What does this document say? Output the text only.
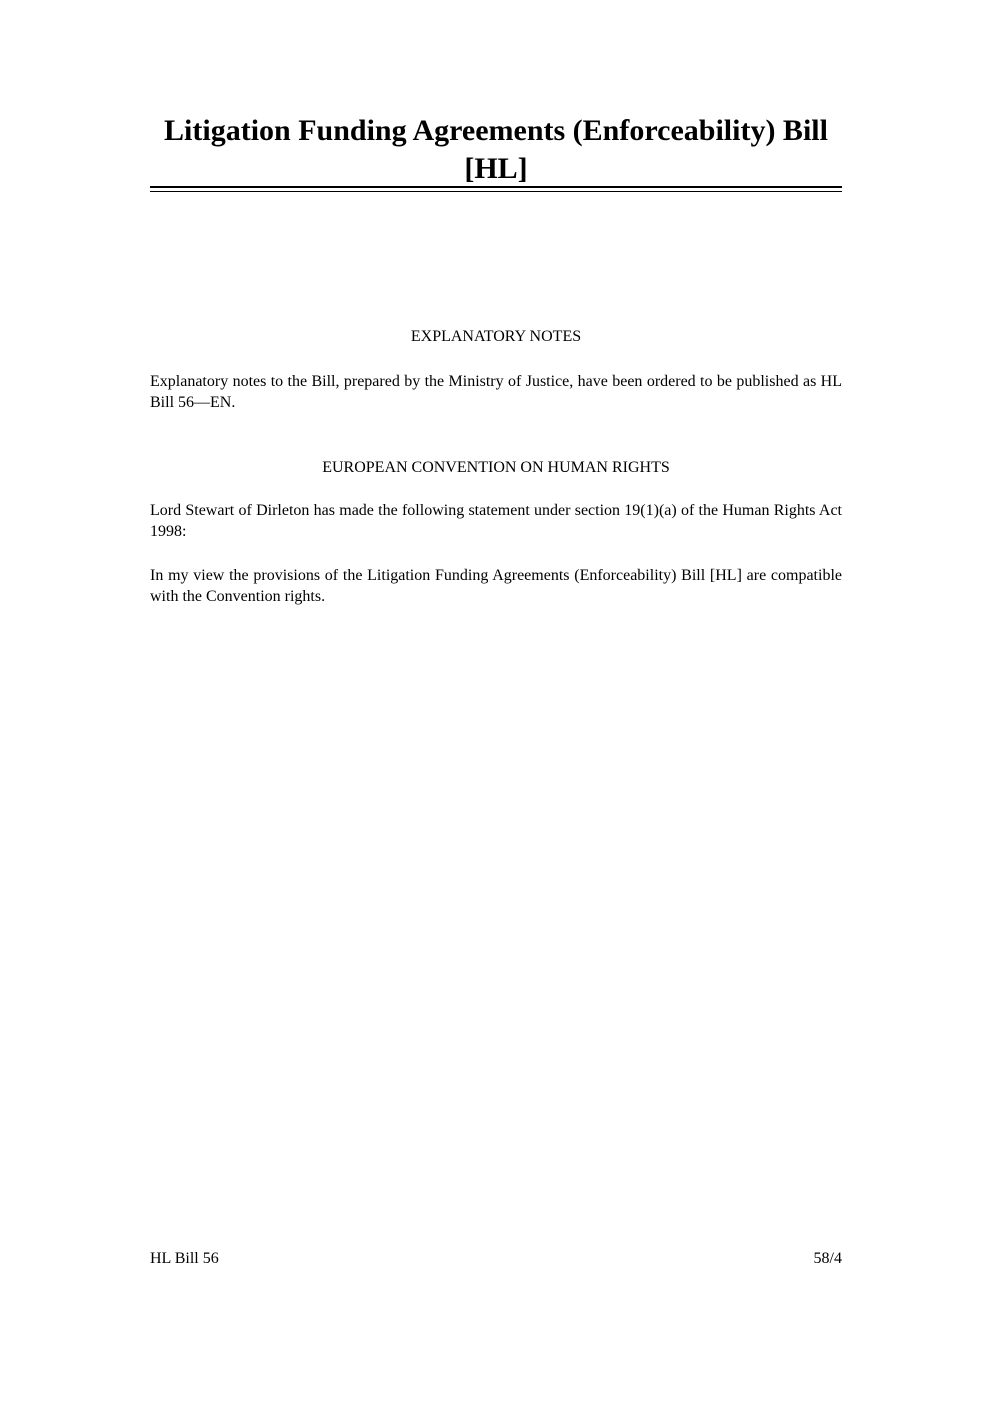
Litigation Funding Agreements (Enforceability) Bill [HL]
EXPLANATORY NOTES

Explanatory notes to the Bill, prepared by the Ministry of Justice, have been ordered to be published as HL Bill 56—EN.

EUROPEAN CONVENTION ON HUMAN RIGHTS

Lord Stewart of Dirleton has made the following statement under section 19(1)(a) of the Human Rights Act 1998:

In my view the provisions of the Litigation Funding Agreements (Enforceability) Bill [HL] are compatible with the Convention rights.

HL Bill 56	58/4
